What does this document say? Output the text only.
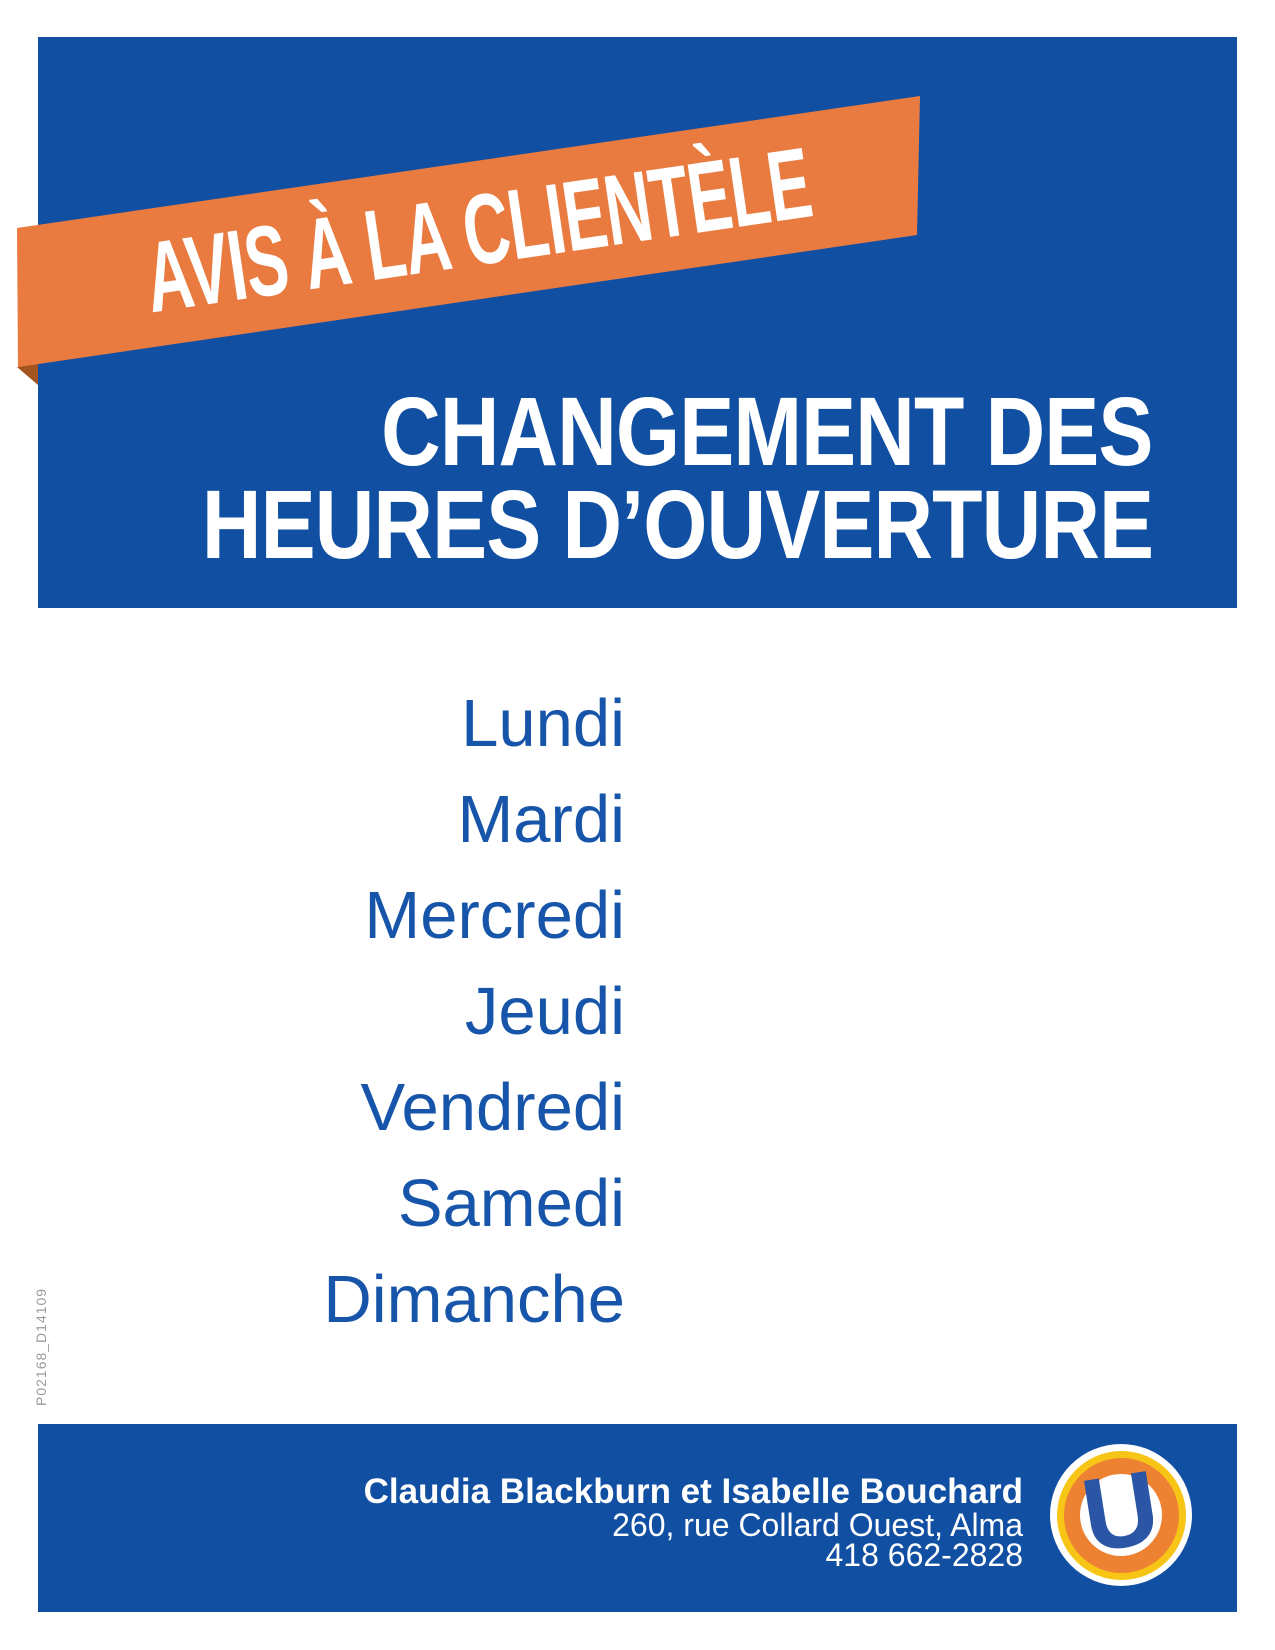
AVIS À LA CLIENTÈLE
CHANGEMENT DES
HEURES D’OUVERTURE
Lundi
Mardi
Mercredi
Jeudi
Vendredi
Samedi
Dimanche
P02168_D14109
Claudia Blackburn et Isabelle Bouchard
260, rue Collard Ouest, Alma
418 662-2828 U
